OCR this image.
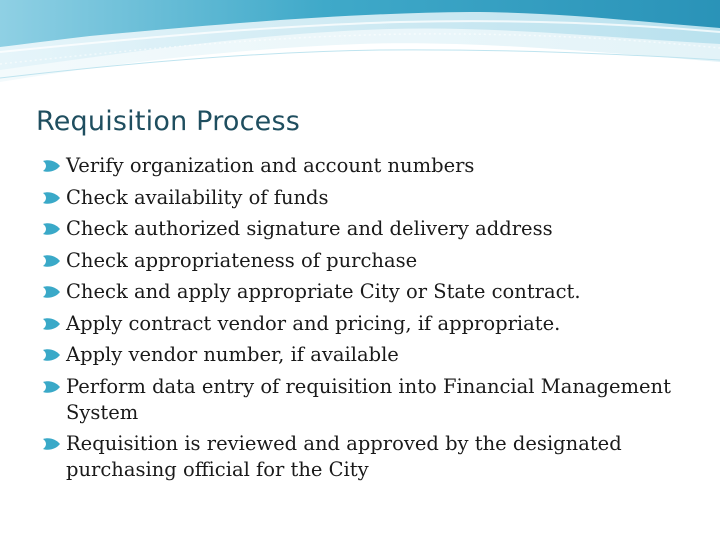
Requisition Process
Verify organization and account numbers
Check availability of funds
Check authorized signature and delivery address
Check appropriateness of purchase
Check and apply appropriate City or State contract.
Apply contract vendor and pricing, if appropriate.
Apply vendor number, if available
Perform data entry of requisition into Financial Management System
Requisition is reviewed and approved by the designated purchasing official for the City
